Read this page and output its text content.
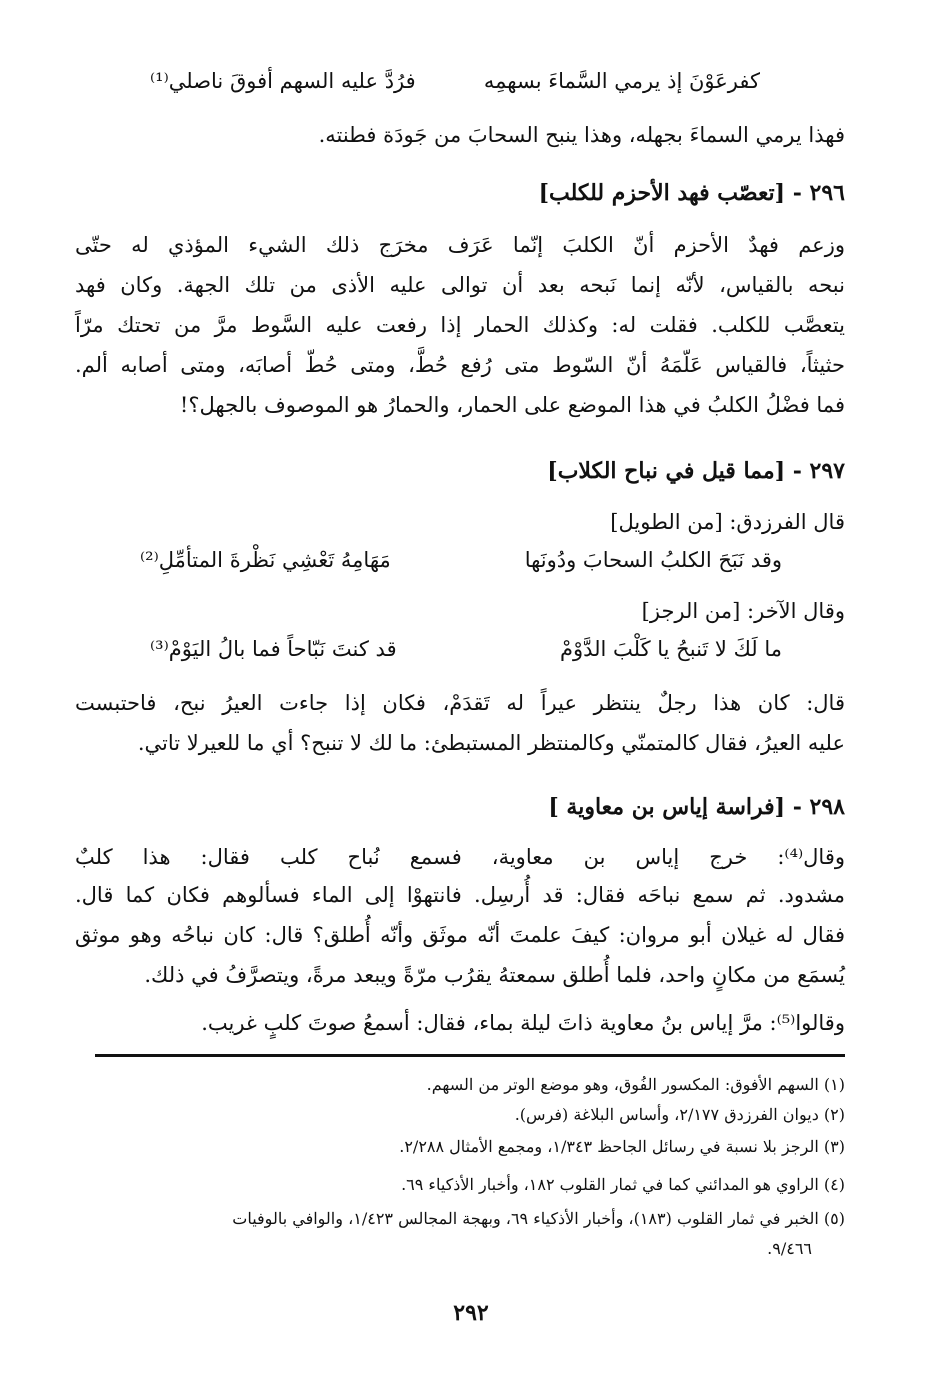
كفرعَوْنَ إذ يرمي السَّماءَ بسهمِه
فرُدَّ عليه السهم أفوقَ ناصلي⁽¹⁾
فهذا يرمي السماءَ بجهله، وهذا ينبح السحابَ من جَودَة فطنته.
٢٩٦ - [تعصّب فهد الأحزم للكلب]
وزعم فهدٌ الأحزم أنّ الكلبَ إنّما عَرَف مخرَج ذلك الشيء المؤذي له حتّى
نبحه بالقياس، لأنّه إنما نَبحه بعد أن توالى عليه الأذى من تلك الجهة. وكان فهد
يتعصَّب للكلب. فقلت له: وكذلك الحمار إذا رفعت عليه السَّوط مرَّ من تحتك مرّاً
حثيثاً، فالقياس عَلّمَهُ أنّ السّوط متى رُفع حُطَّ، ومتى حُطّ أصابَه، ومتى أصابه ألم.
فما فضْلُ الكلبُ في هذا الموضع على الحمار، والحمارُ هو الموصوف بالجهل؟!
٢٩٧ - [مما قيل في نباح الكلاب]
قال الفرزدق: [من الطويل]
وقد نَبَحَ الكلبُ السحابَ ودُونَها
مَهَامِهُ تَعْشِي نَظْرةَ المتأمِّلِ⁽²⁾
وقال الآخر: [من الرجز]
ما لَكَ لا تَنبحُ يا كَلْبَ الدَّوْمْ
قد كنتَ نَبّاحاً فما بالُ اليَوْمْ⁽³⁾
قال: كان هذا رجلٌ ينتظر عيراً له تَقدَمْ، فكان إذا جاءت العيرُ نبح، فاحتبست
عليه العيرُ، فقال كالمتمنّي وكالمنتظر المستبطئ: ما لك لا تنبح؟ أي ما للعيرلا تاتي.
٢٩٨ - [فراسة إياس بن معاوية ]
وقال⁽⁴⁾: خرج إياس بن معاوية، فسمع نُباح كلب فقال: هذا كلبٌ
مشدود. ثم سمع نباحَه فقال: قد أُرسِل. فانتهوْا إلى الماء فسألوهم فكان كما قال.
فقال له غيلان أبو مروان: كيفَ علمتَ أنّه موثَق وأنّه أُطلق؟ قال: كان نباحُه وهو موثق
يُسمَع من مكانٍ واحد، فلما أُطلق سمعتهُ يقرُب مرّةً ويبعد مرةً، ويتصرَّفُ في ذلك.
وقالوا⁽⁵⁾: مرَّ إياس بنُ معاوية ذاتَ ليلة بماء، فقال: أسمعُ صوتَ كلبٍ غريب.
(١) السهم الأفوق: المكسور الفُوق، وهو موضع الوتر من السهم.
(٢) ديوان الفرزدق ٢/١٧٧، وأساس البلاغة (فرس).
(٣) الرجز بلا نسبة في رسائل الجاحظ ١/٣٤٣، ومجمع الأمثال ٢/٢٨٨.
(٤) الراوي هو المدائني كما في ثمار القلوب ١٨٢، وأخبار الأذكياء ٦٩.
(٥) الخبر في ثمار القلوب (١٨٣)، وأخبار الأذكياء ٦٩، وبهجة المجالس ١/٤٢٣، والوافي بالوفيات
٩/٤٦٦.
٢٩٢
